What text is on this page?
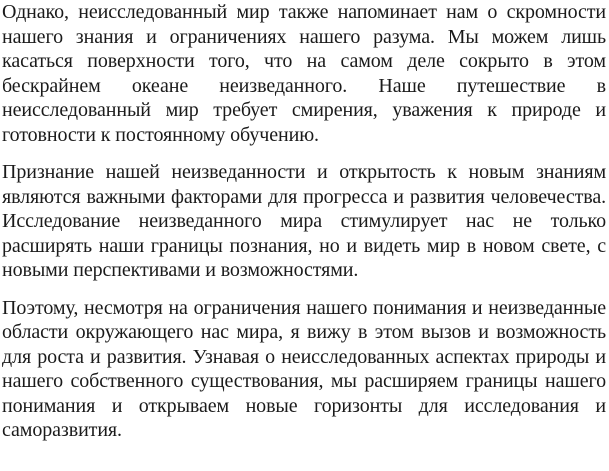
Однако, неисследованный мир также напоминает нам о скромности нашего знания и ограничениях нашего разума. Мы можем лишь касаться поверхности того, что на самом деле сокрыто в этом бескрайнем океане неизведанного. Наше путешествие в неисследованный мир требует смирения, уважения к природе и готовности к постоянному обучению.

Признание нашей неизведанности и открытость к новым знаниям являются важными факторами для прогресса и развития человечества. Исследование неизведанного мира стимулирует нас не только расширять наши границы познания, но и видеть мир в новом свете, с новыми перспективами и возможностями.

Поэтому, несмотря на ограничения нашего понимания и неизведанные области окружающего нас мира, я вижу в этом вызов и возможность для роста и развития. Узнавая о неисследованных аспектах природы и нашего собственного существования, мы расширяем границы нашего понимания и открываем новые горизонты для исследования и саморазвития.
